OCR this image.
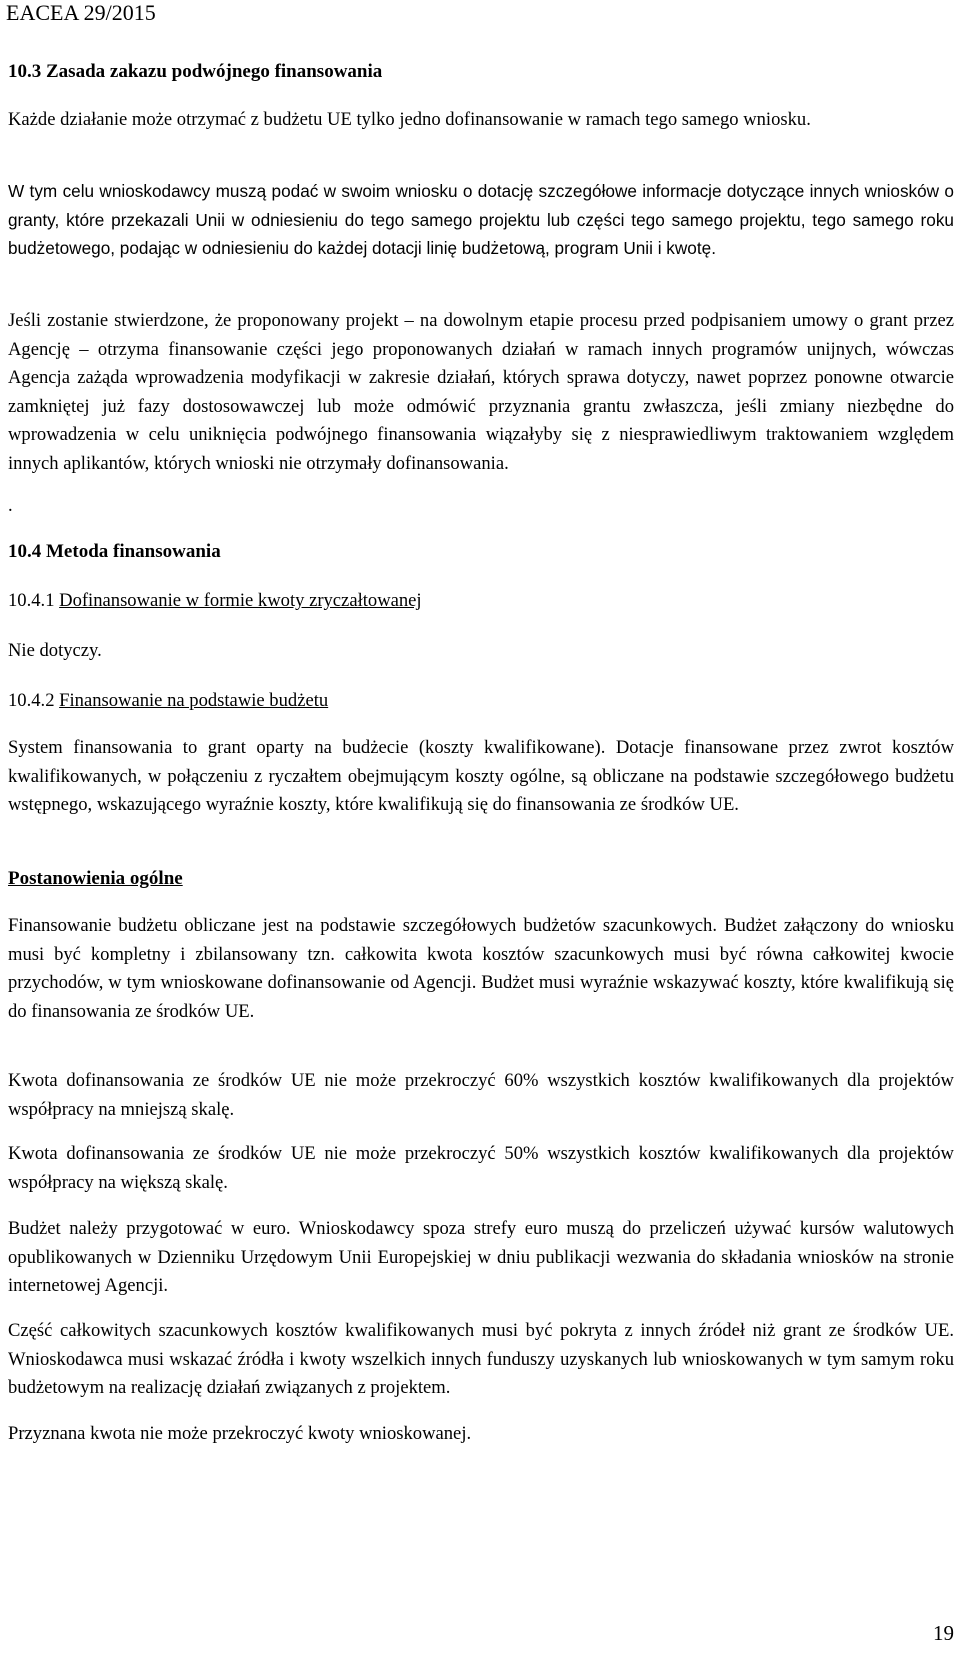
EACEA 29/2015
10.3 Zasada zakazu podwójnego finansowania

Każde działanie może otrzymać z budżetu UE tylko jedno dofinansowanie w ramach tego samego wniosku.

W tym celu wnioskodawcy muszą podać w swoim wniosku o dotację szczegółowe informacje dotyczące innych wniosków o granty, które przekazali Unii w odniesieniu do tego samego projektu lub części tego samego projektu, tego samego roku budżetowego, podając w odniesieniu do każdej dotacji linię budżetową, program Unii i kwotę.

Jeśli zostanie stwierdzone, że proponowany projekt – na dowolnym etapie procesu przed podpisaniem umowy o grant przez Agencję – otrzyma finansowanie części jego proponowanych działań w ramach innych programów unijnych, wówczas Agencja zażąda wprowadzenia modyfikacji w zakresie działań, których sprawa dotyczy, nawet poprzez ponowne otwarcie zamkniętej już fazy dostosowawczej lub może odmówić przyznania grantu zwłaszcza, jeśli zmiany niezbędne do wprowadzenia w celu uniknięcia podwójnego finansowania wiązałyby się z niesprawiedliwym traktowaniem względem innych aplikantów, których wnioski nie otrzymały dofinansowania.

.
10.4 Metoda finansowania
10.4.1 Dofinansowanie w formie kwoty zryczałtowanej
Nie dotyczy.
10.4.2 Finansowanie na podstawie budżetu

System finansowania to grant oparty na budżecie (koszty kwalifikowane). Dotacje finansowane przez zwrot kosztów kwalifikowanych, w połączeniu z ryczałtem obejmującym koszty ogólne, są obliczane na podstawie szczegółowego budżetu wstępnego, wskazującego wyraźnie koszty, które kwalifikują się do finansowania ze środków UE.

Postanowienia ogólne

Finansowanie budżetu obliczane jest na podstawie szczegółowych budżetów szacunkowych. Budżet załączony do wniosku musi być kompletny i zbilansowany tzn. całkowita kwota kosztów szacunkowych musi być równa całkowitej kwocie przychodów, w tym wnioskowane dofinansowanie od Agencji. Budżet musi wyraźnie wskazywać koszty, które kwalifikują się do finansowania ze środków UE.

Kwota dofinansowania ze środków UE nie może przekroczyć 60% wszystkich kosztów kwalifikowanych dla projektów współpracy na mniejszą skalę.

Kwota dofinansowania ze środków UE nie może przekroczyć 50% wszystkich kosztów kwalifikowanych dla projektów współpracy na większą skalę.

Budżet należy przygotować w euro. Wnioskodawcy spoza strefy euro muszą do przeliczeń używać kursów walutowych opublikowanych w Dzienniku Urzędowym Unii Europejskiej w dniu publikacji wezwania do składania wniosków na stronie internetowej Agencji.

Część całkowitych szacunkowych kosztów kwalifikowanych musi być pokryta z innych źródeł niż grant ze środków UE. Wnioskodawca musi wskazać źródła i kwoty wszelkich innych funduszy uzyskanych lub wnioskowanych w tym samym roku budżetowym na realizację działań związanych z projektem.

Przyznana kwota nie może przekroczyć kwoty wnioskowanej.

19
